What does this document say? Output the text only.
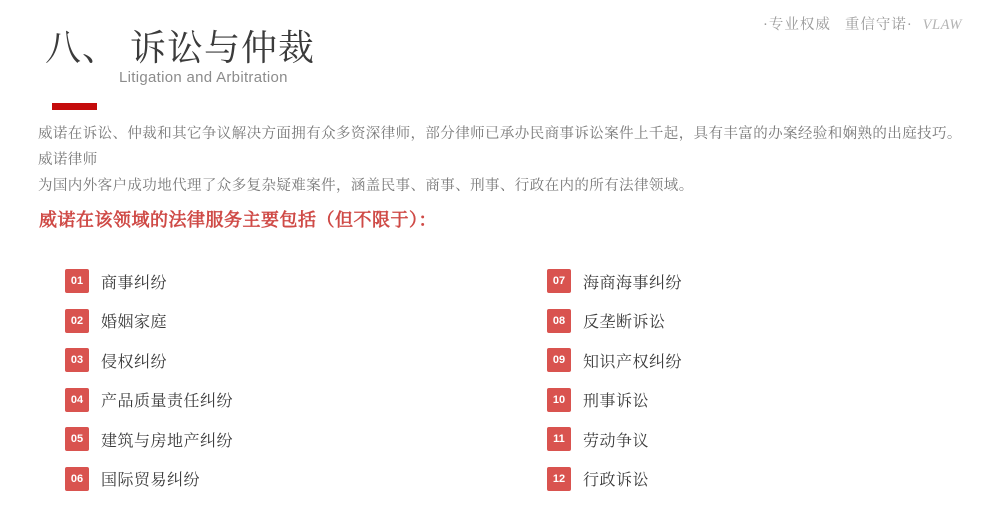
·专业权威 重信守诺· VLAW
八、 诉讼与仲裁
Litigation and Arbitration
威诺在诉讼、仲裁和其它争议解决方面拥有众多资深律师，部分律师已承办民商事诉讼案件上千起，具有丰富的办案经验和娴熟的出庭技巧。威诺律师
为国内外客户成功地代理了众多复杂疑难案件，涵盖民事、商事、刑事、行政在内的所有法律领域。
威诺在该领域的法律服务主要包括（但不限于）：
01	商事纠纷
02	婚姻家庭
03	侵权纠纷
04	产品质量责任纠纷
05	建筑与房地产纠纷
06	国际贸易纠纷
07	海商海事纠纷
08	反垄断诉讼
09	知识产权纠纷
10	刑事诉讼
11	劳动争议
12	行政诉讼
